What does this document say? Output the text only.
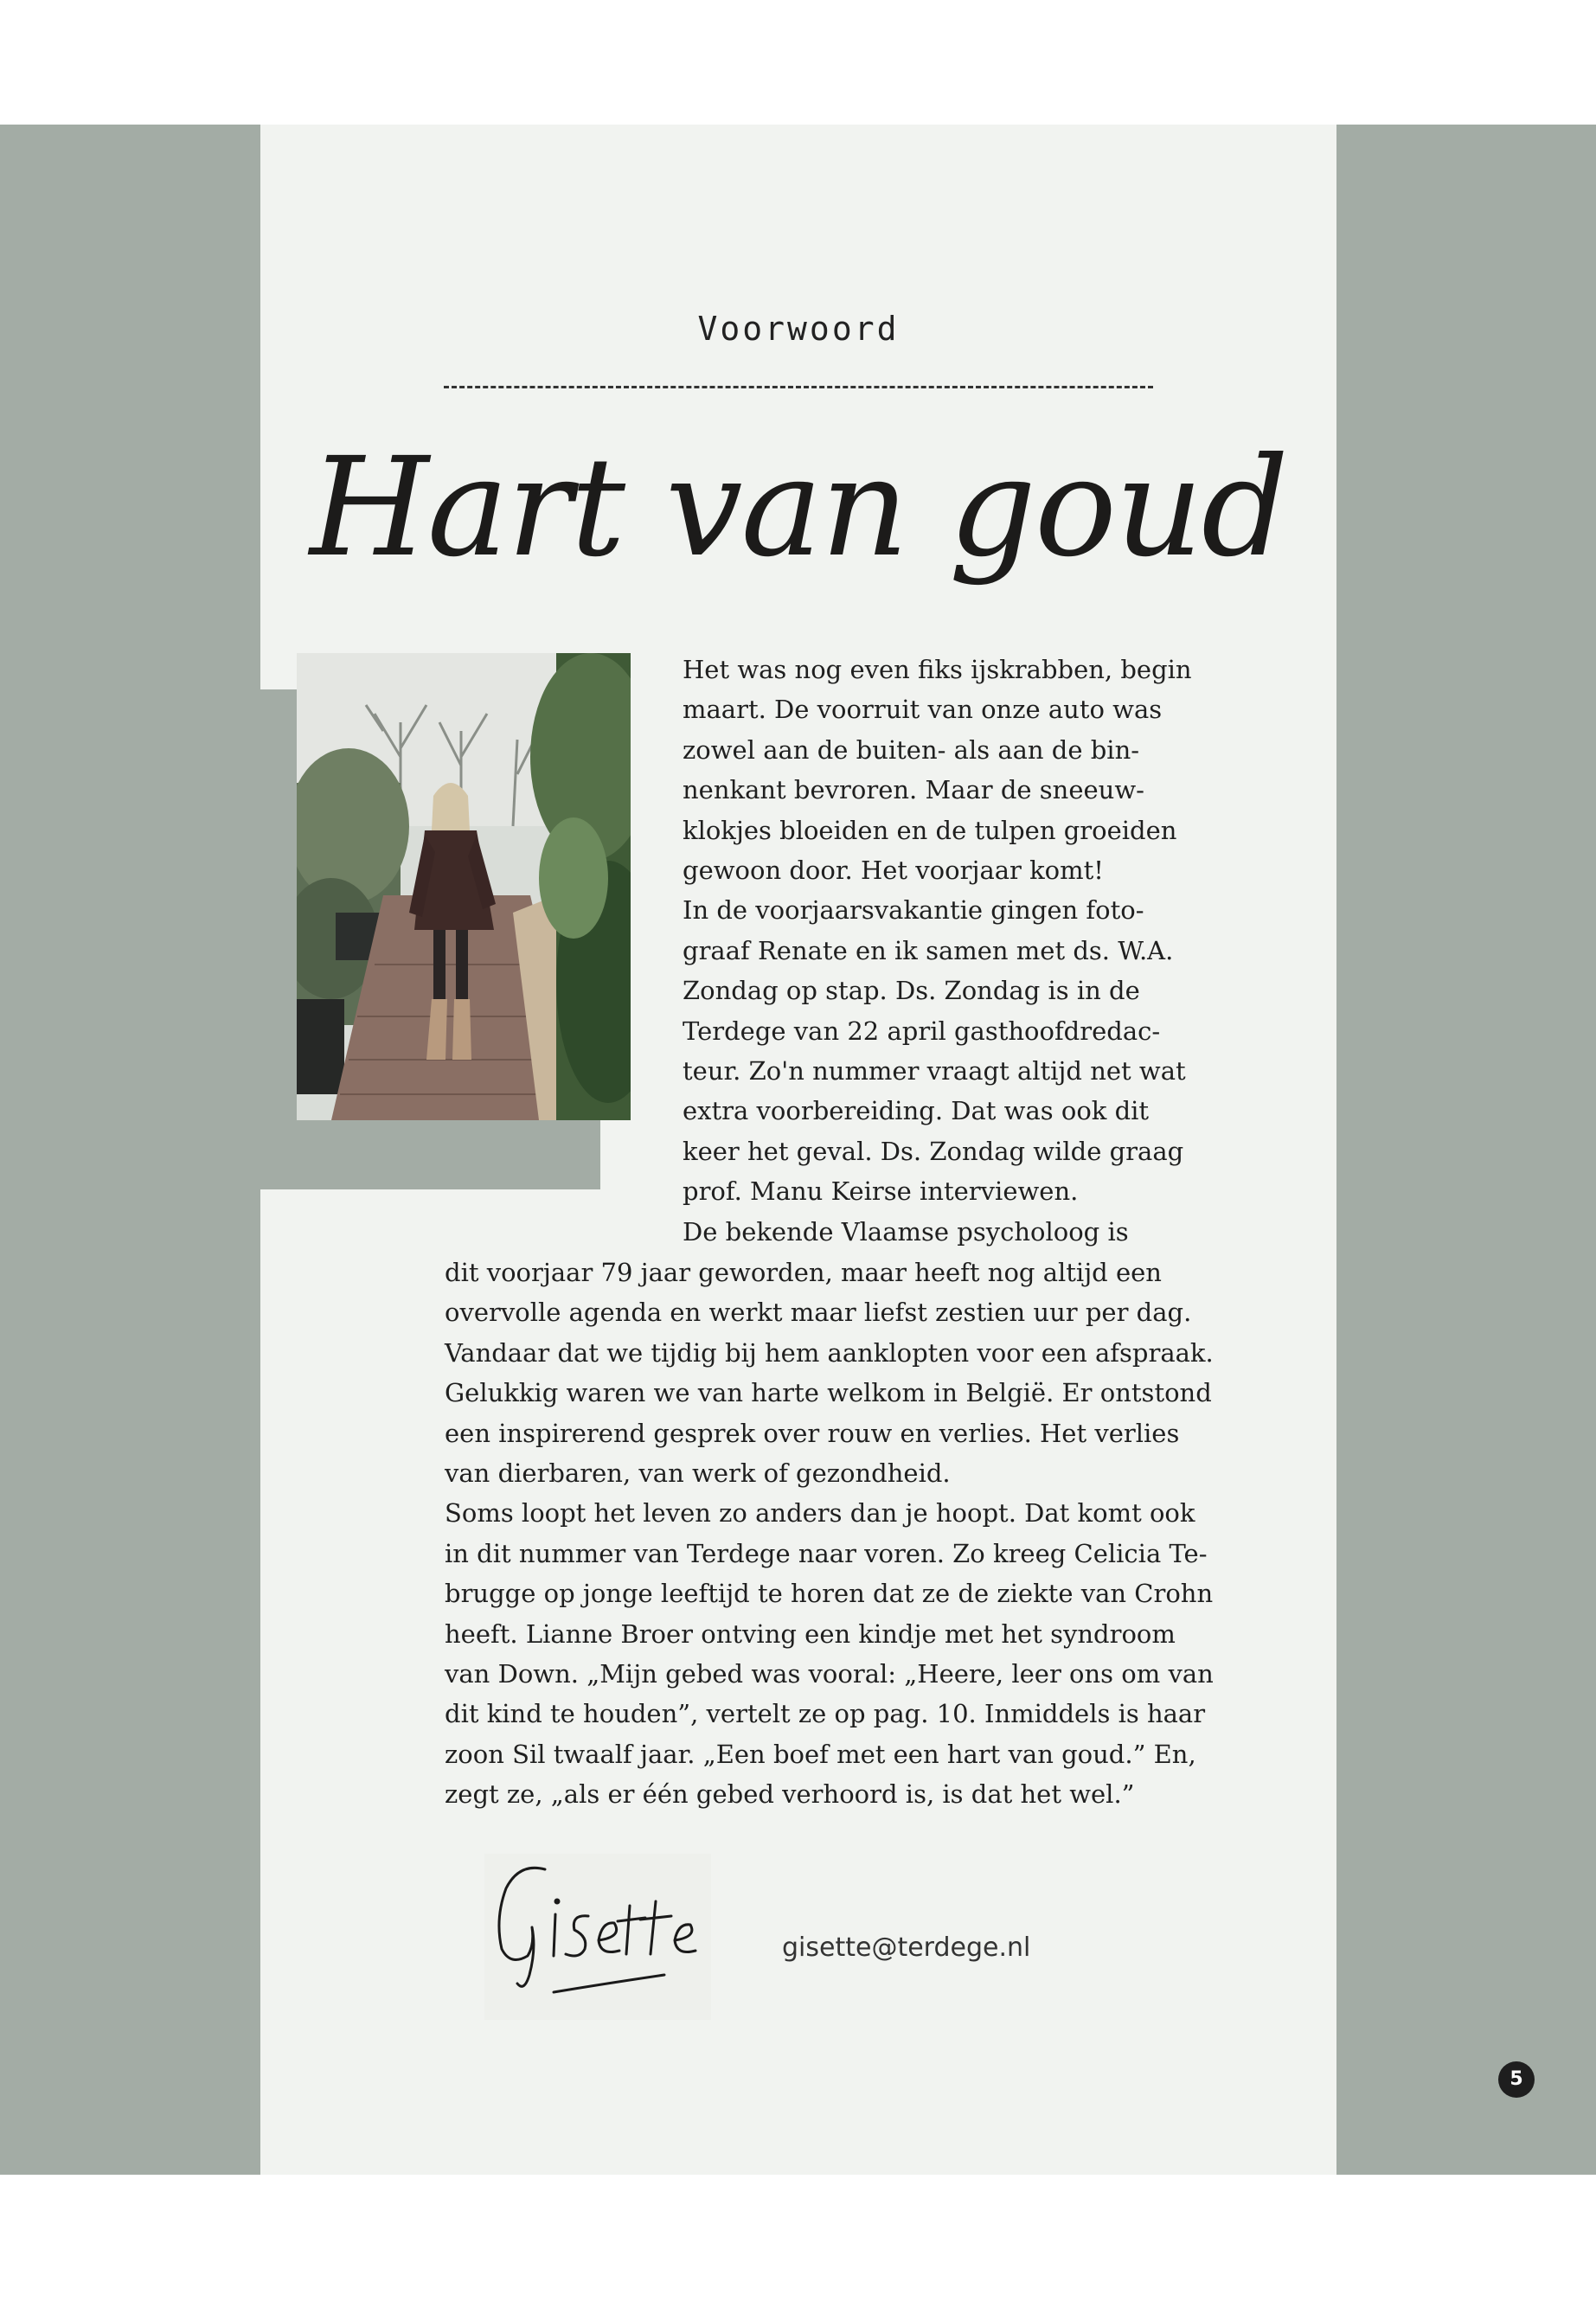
Voorwoord
Hart van goud
Het was nog even fiks ijskrabben, begin
maart. De voorruit van onze auto was
zowel aan de buiten- als aan de bin-
nenkant bevroren. Maar de sneeuw-
klokjes bloeiden en de tulpen groeiden
gewoon door. Het voorjaar komt!
In de voorjaarsvakantie gingen foto-
graaf Renate en ik samen met ds. W.A.
Zondag op stap. Ds. Zondag is in de
Terdege van 22 april gasthoofdredac-
teur. Zo'n nummer vraagt altijd net wat
extra voorbereiding. Dat was ook dit
keer het geval. Ds. Zondag wilde graag
prof. Manu Keirse interviewen.
De bekende Vlaamse psycholoog is
dit voorjaar 79 jaar geworden, maar heeft nog altijd een
overvolle agenda en werkt maar liefst zestien uur per dag.
Vandaar dat we tijdig bij hem aanklopten voor een afspraak.
Gelukkig waren we van harte welkom in België. Er ontstond
een inspirerend gesprek over rouw en verlies. Het verlies
van dierbaren, van werk of gezondheid.
Soms loopt het leven zo anders dan je hoopt. Dat komt ook
in dit nummer van Terdege naar voren. Zo kreeg Celicia Te-
brugge op jonge leeftijd te horen dat ze de ziekte van Crohn
heeft. Lianne Broer ontving een kindje met het syndroom
van Down. „Mijn gebed was vooral: „Heere, leer ons om van
dit kind te houden”, vertelt ze op pag. 10. Inmiddels is haar
zoon Sil twaalf jaar. „Een boef met een hart van goud.” En,
zegt ze, „als er één gebed verhoord is, is dat het wel.”
gisette@terdege.nl
5
